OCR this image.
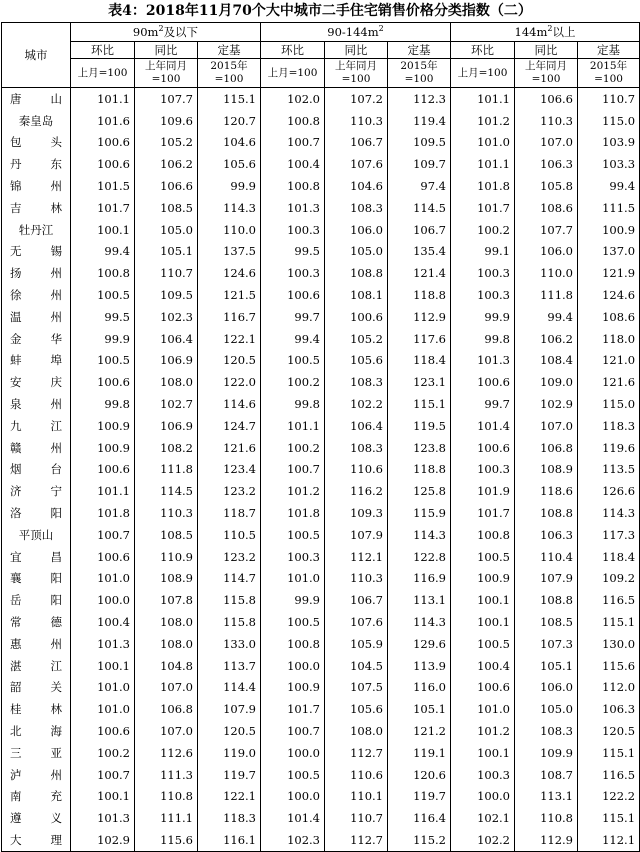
表4：2018年11月70个大中城市二手住宅销售价格分类指数（二）
城市	$90m^2$及以下			$90-144m^2$			$144m^2$以上		
	环比	同比	定基	环比	同比	定基	环比	同比	定基
	上月=100	上年同月=100	2015年=100	上月=100	上年同月=100	2015年=100	上月=100	上年同月=100	2015年=100

唐 山	101.1	107.7	115.1	102.0	107.2	112.3	101.1	106.6	110.7

秦皇岛	101.6	109.6	120.7	100.8	110.3	119.4	101.2	110.3	115.0

包 头	100.6	105.2	104.6	100.7	106.7	109.5	101.0	107.0	103.9

丹 东	100.6	106.2	105.6	100.4	107.6	109.7	101.1	106.3	103.3

锦 州	101.5	106.6	99.9	100.8	104.6	97.4	101.8	105.8	99.4

吉 林	101.7	108.5	114.3	101.3	108.3	114.5	101.7	108.6	111.5

牡丹江	100.1	105.0	110.0	100.3	106.0	106.7	100.2	107.7	100.9

无 锡	99.4	105.1	137.5	99.5	105.0	135.4	99.1	106.0	137.0

扬 州	100.8	110.7	124.6	100.3	108.8	121.4	100.3	110.0	121.9

徐 州	100.5	109.5	121.5	100.6	108.1	118.8	100.3	111.8	124.6

温 州	99.5	102.3	116.7	99.7	100.6	112.9	99.9	99.4	108.6

金 华	99.9	106.4	122.1	99.4	105.2	117.6	99.8	106.2	118.0

蚌 埠	100.5	106.9	120.5	100.5	105.6	118.4	101.3	108.4	121.0

安 庆	100.6	108.0	122.0	100.2	108.3	123.1	100.6	109.0	121.6

泉 州	99.8	102.7	114.6	99.8	102.2	115.1	99.7	102.9	115.0

九 江	100.9	106.9	124.7	101.1	106.4	119.5	101.4	107.0	118.3

赣 州	100.9	108.2	121.6	100.2	108.3	123.8	100.6	106.8	119.6

烟 台	100.6	111.8	123.4	100.7	110.6	118.8	100.3	108.9	113.5

济 宁	101.1	114.5	123.2	101.2	116.2	125.8	101.9	118.6	126.6

洛 阳	101.8	110.3	118.7	101.8	109.3	115.9	101.7	108.8	114.3

平顶山	100.7	108.5	110.5	100.5	107.9	114.3	100.8	106.3	117.3

宜 昌	100.6	110.9	123.2	100.3	112.1	122.8	100.5	110.4	118.4

襄 阳	101.0	108.9	114.7	101.0	110.3	116.9	100.9	107.9	109.2

岳 阳	100.0	107.8	115.8	99.9	106.7	113.1	100.1	108.8	116.5

常 德	100.4	108.0	115.8	100.5	107.6	114.3	100.1	108.5	115.1

惠 州	101.3	108.0	133.0	100.8	105.9	129.6	100.5	107.3	130.0

湛 江	100.1	104.8	113.7	100.0	104.5	113.9	100.4	105.1	115.6

韶 关	101.0	107.0	114.4	100.9	107.5	116.0	100.6	106.0	112.0

桂 林	101.0	106.8	107.9	101.7	105.6	105.1	101.0	105.0	106.3

北 海	100.6	107.0	120.5	100.7	108.0	121.2	101.2	108.3	120.5

三 亚	100.2	112.6	119.0	100.0	112.7	119.1	100.1	109.9	115.1

泸 州	100.7	111.3	119.7	100.5	110.6	120.6	100.3	108.7	116.5

南 充	100.1	110.8	122.1	100.0	110.1	119.7	100.0	113.1	122.2

遵 义	101.3	111.1	118.3	101.4	110.7	116.4	102.1	110.8	115.1

大 理	102.9	115.6	116.1	102.3	112.7	115.2	102.2	112.9	112.1
